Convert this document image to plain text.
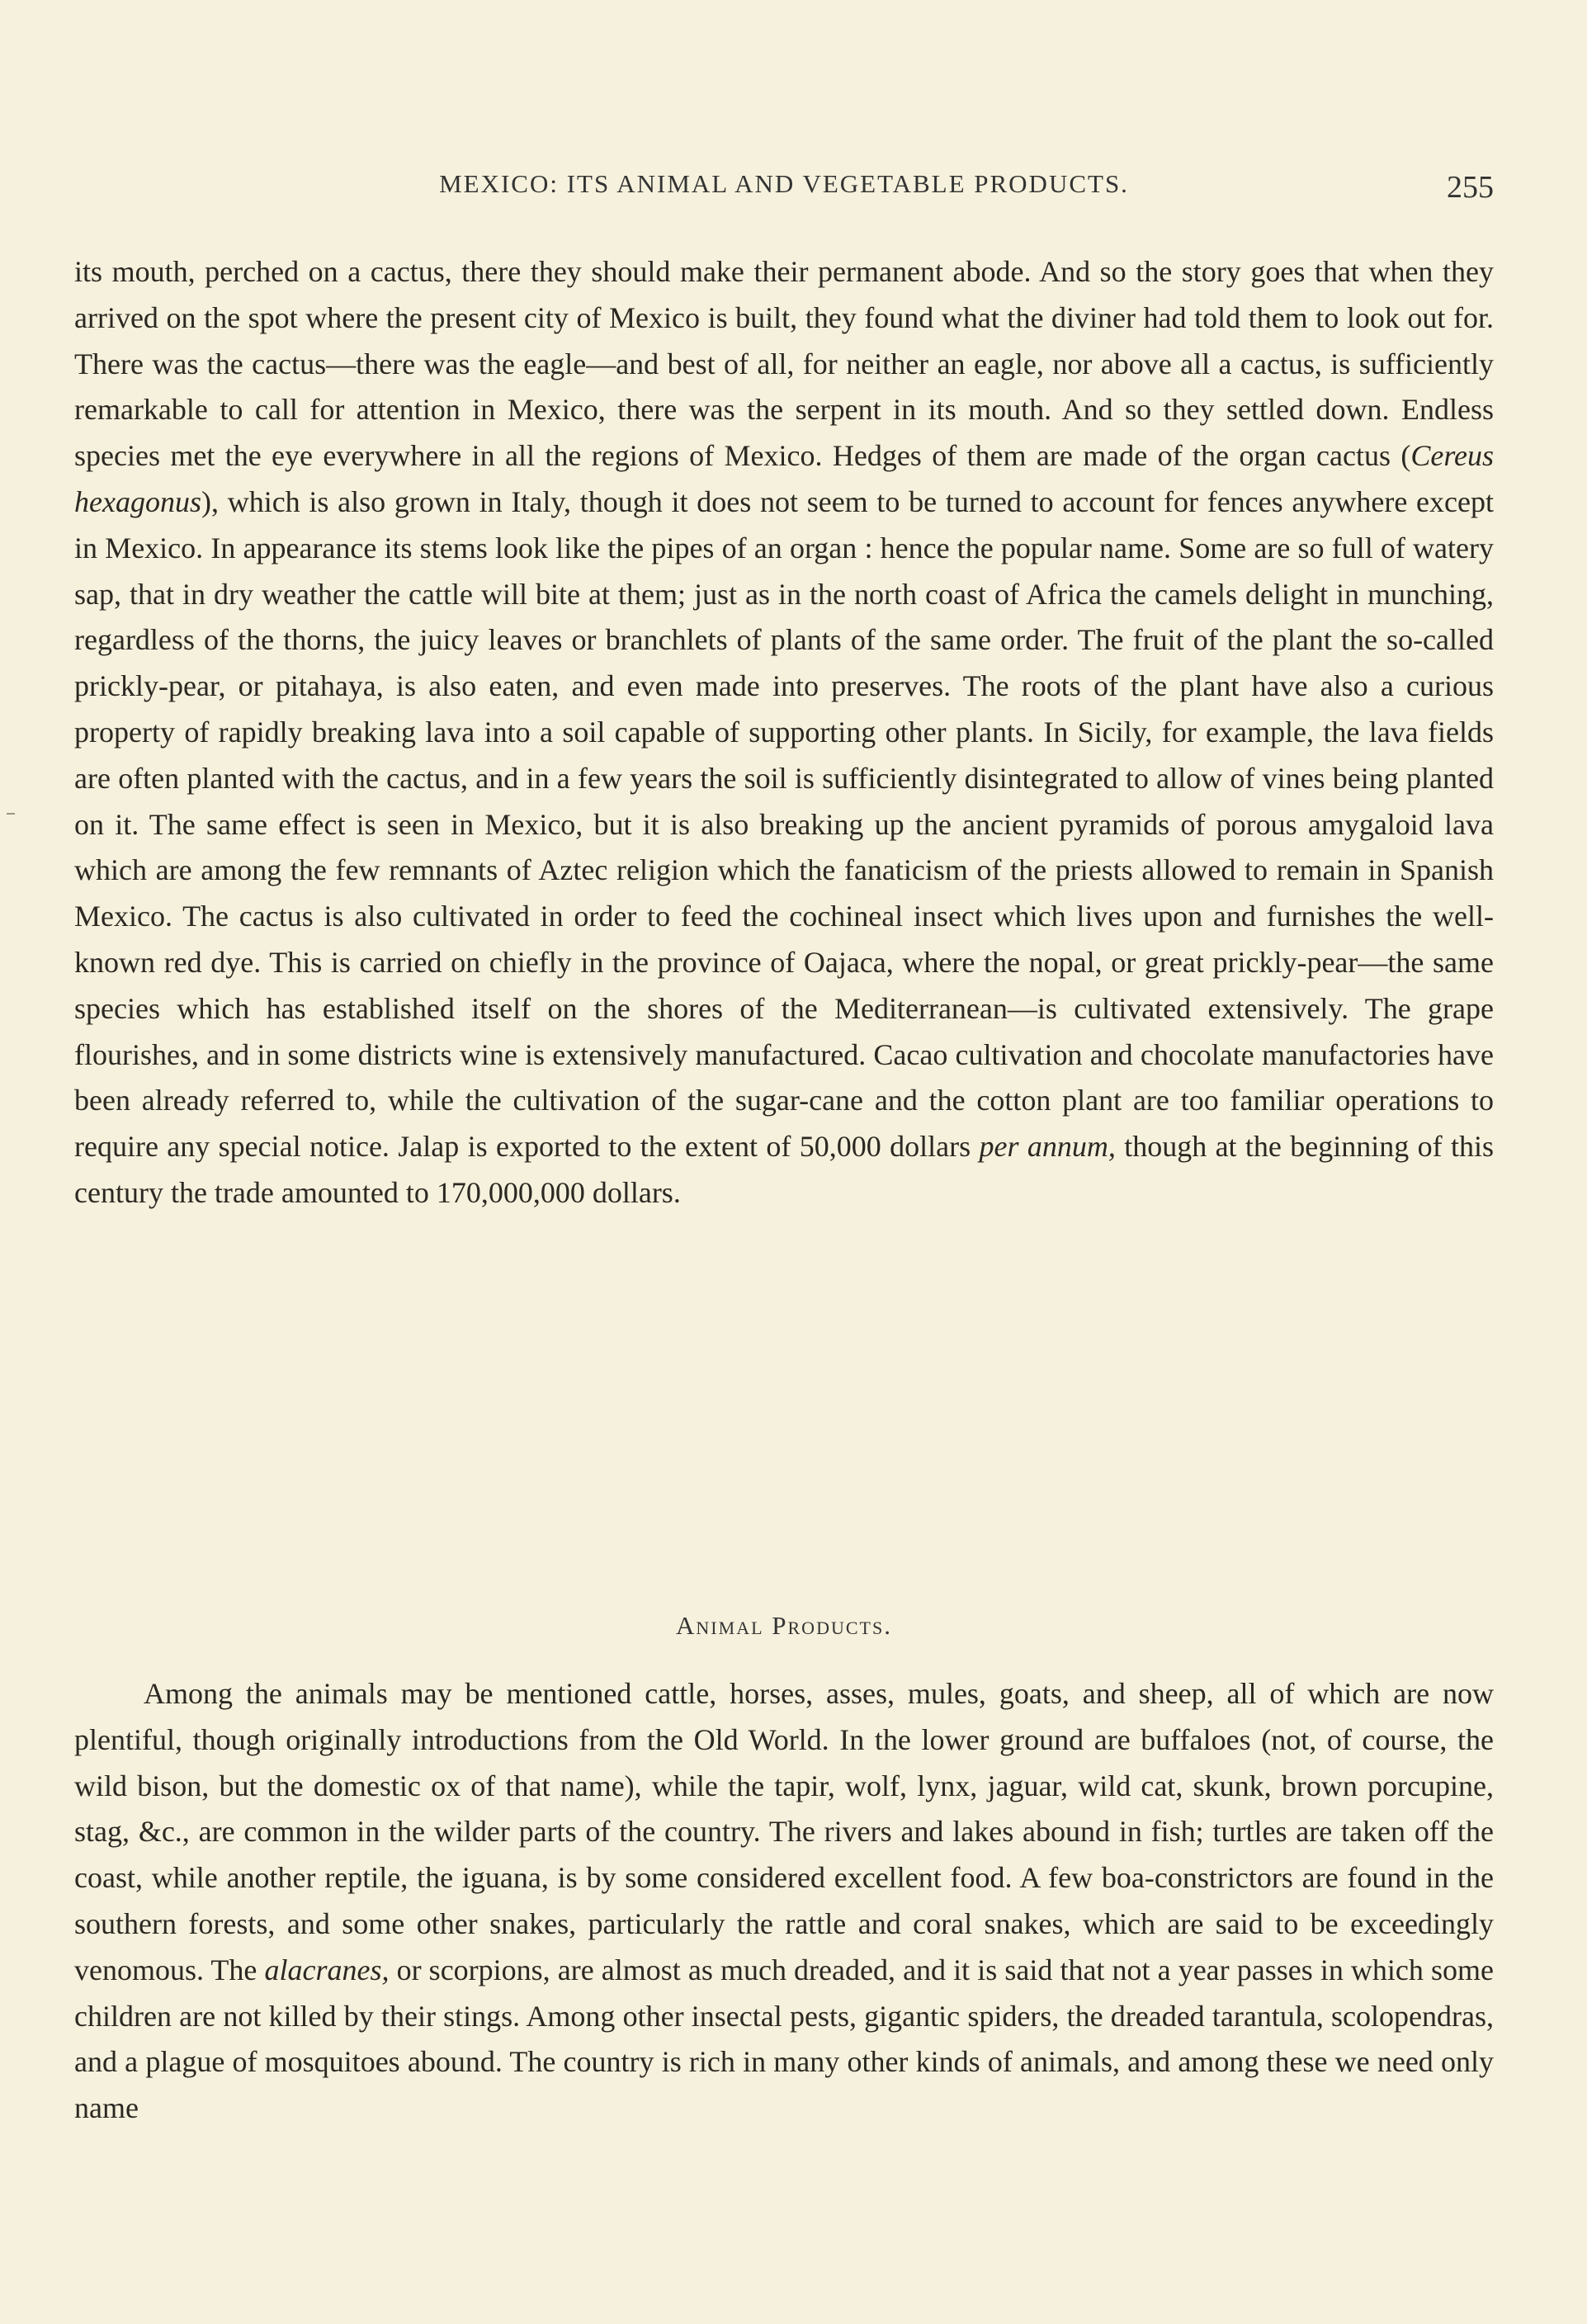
MEXICO: ITS ANIMAL AND VEGETABLE PRODUCTS.	255

its mouth, perched on a cactus, there they should make their permanent abode. And so the story goes that when they arrived on the spot where the present city of Mexico is built, they found what the diviner had told them to look out for. There was the cactus—there was the eagle—and best of all, for neither an eagle, nor above all a cactus, is sufficiently remarkable to call for attention in Mexico, there was the serpent in its mouth. And so they settled down. Endless species met the eye everywhere in all the regions of Mexico. Hedges of them are made of the organ cactus (Cereus hexagonus), which is also grown in Italy, though it does not seem to be turned to account for fences anywhere except in Mexico. In appearance its stems look like the pipes of an organ : hence the popular name. Some are so full of watery sap, that in dry weather the cattle will bite at them; just as in the north coast of Africa the camels delight in munching, regardless of the thorns, the juicy leaves or branchlets of plants of the same order. The fruit of the plant the so-called prickly-pear, or pitahaya, is also eaten, and even made into preserves. The roots of the plant have also a curious property of rapidly breaking lava into a soil capable of supporting other plants. In Sicily, for example, the lava fields are often planted with the cactus, and in a few years the soil is sufficiently disintegrated to allow of vines being planted on it. The same effect is seen in Mexico, but it is also breaking up the ancient pyramids of porous amygaloid lava which are among the few remnants of Aztec religion which the fanaticism of the priests allowed to remain in Spanish Mexico. The cactus is also cultivated in order to feed the cochineal insect which lives upon and furnishes the well-known red dye. This is carried on chiefly in the province of Oajaca, where the nopal, or great prickly-pear—the same species which has established itself on the shores of the Mediterranean—is cultivated extensively. The grape flourishes, and in some districts wine is extensively manufactured. Cacao cultivation and chocolate manufactories have been already referred to, while the cultivation of the sugar-cane and the cotton plant are too familiar operations to require any special notice. Jalap is exported to the extent of 50,000 dollars per annum, though at the beginning of this century the trade amounted to 170,000,000 dollars.

Animal Products.

Among the animals may be mentioned cattle, horses, asses, mules, goats, and sheep, all of which are now plentiful, though originally introductions from the Old World. In the lower ground are buffaloes (not, of course, the wild bison, but the domestic ox of that name), while the tapir, wolf, lynx, jaguar, wild cat, skunk, brown porcupine, stag, &c., are common in the wilder parts of the country. The rivers and lakes abound in fish; turtles are taken off the coast, while another reptile, the iguana, is by some considered excellent food. A few boa-constrictors are found in the southern forests, and some other snakes, particularly the rattle and coral snakes, which are said to be exceedingly venomous. The alacranes, or scorpions, are almost as much dreaded, and it is said that not a year passes in which some children are not killed by their stings. Among other insectal pests, gigantic spiders, the dreaded tarantula, scolopendras, and a plague of mosquitoes abound. The country is rich in many other kinds of animals, and among these we need only name
